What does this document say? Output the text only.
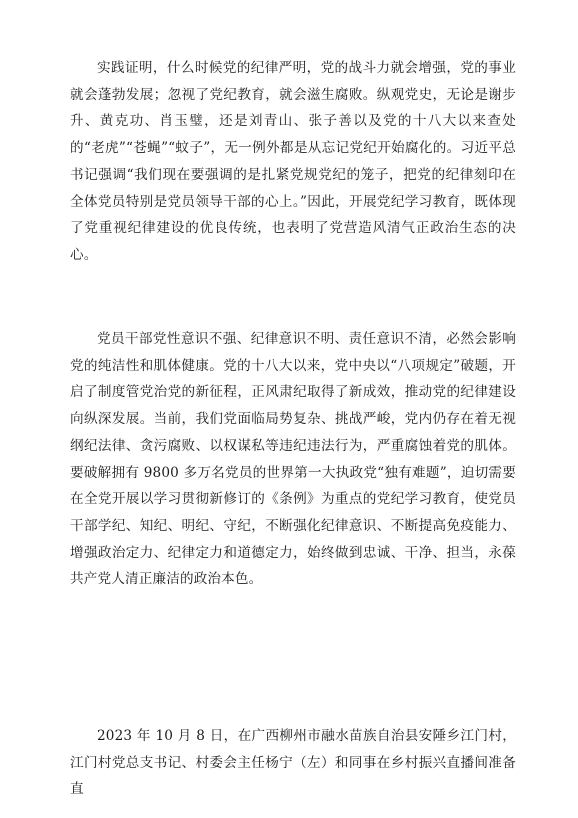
实践证明，什么时候党的纪律严明，党的战斗力就会增强，党的事业就会蓬勃发展；忽视了党纪教育，就会滋生腐败。纵观党史，无论是谢步升、黄克功、肖玉璧，还是刘青山、张子善以及党的十八大以来查处的“老虎”“苍蝇”“蚊子”，无一例外都是从忘记党纪开始腐化的。习近平总书记强调“我们现在要强调的是扎紧党规党纪的笼子，把党的纪律刻印在全体党员特别是党员领导干部的心上。”因此，开展党纪学习教育，既体现了党重视纪律建设的优良传统，也表明了党营造风清气正政治生态的决心。

党员干部党性意识不强、纪律意识不明、责任意识不清，必然会影响党的纯洁性和肌体健康。党的十八大以来，党中央以“八项规定”破题，开启了制度管党治党的新征程，正风肃纪取得了新成效，推动党的纪律建设向纵深发展。当前，我们党面临局势复杂、挑战严峻，党内仍存在着无视纲纪法律、贪污腐败、以权谋私等违纪违法行为，严重腐蚀着党的肌体。要破解拥有 9800 多万名党员的世界第一大执政党“独有难题”，迫切需要在全党开展以学习贯彻新修订的《条例》为重点的党纪学习教育，使党员干部学纪、知纪、明纪、守纪，不断强化纪律意识、不断提高免疫能力、增强政治定力、纪律定力和道德定力，始终做到忠诚、干净、担当，永葆共产党人清正廉洁的政治本色。

2023 年 10 月 8 日，在广西柳州市融水苗族自治县安陲乡江门村，江门村党总支书记、村委会主任杨宁（左）和同事在乡村振兴直播间准备直
